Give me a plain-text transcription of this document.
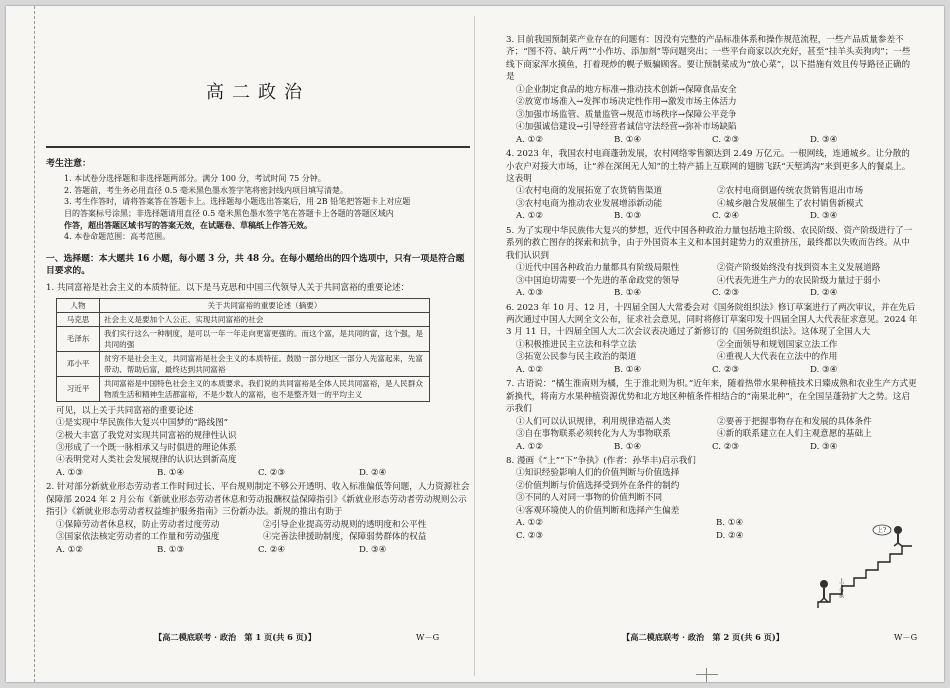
高二政治
考生注意：

1. 本试卷分选择题和非选择题两部分。满分 100 分，考试时间 75 分钟。

2. 答题前，考生务必用直径 0.5 毫米黑色墨水签字笔将密封线内项目填写清楚。

3. 考生作答时，请将答案答在答题卡上。选择题每小题选出答案后，用 2B 铅笔把答题卡上对应题

目的答案标号涂黑；非选择题请用直径 0.5 毫米黑色墨水签字笔在答题卡上各题的答题区域内

作答，超出答题区域书写的答案无效，在试题卷、草稿纸上作答无效。

4. 本卷命题范围：高考范围。

一、选择题：本大题共 16 小题，每小题 3 分，共 48 分。在每小题给出的四个选项中，只有一项是符合题目要求的。
1. 共同富裕是社会主义的本质特征。以下是马克思和中国三代领导人关于共同富裕的重要论述：
人物	关于共同富裕的重要论述（摘要）
马克思	社会主义是要加个人公正、实现共同富裕的社会
毛泽东	我们实行这么一种制度，是可以一年一年走向更富更强的。而这个富，是共同的富，这个强，是共同的强
邓小平	贫穷不是社会主义，共同富裕是社会主义的本质特征。鼓励一部分地区一部分人先富起来，先富带动、帮助后富，最终达到共同富裕
习近平	共同富裕是中国特色社会主义的本质要求。我们说的共同富裕是全体人民共同富裕，是人民群众物质生活和精神生活都富裕，不是少数人的富裕，也不是整齐划一的平均主义
可见，以上关于共同富裕的重要论述
①是实现中华民族伟大复兴中国梦的“路线图”
②极大丰富了我党对实现共同富裕的规律性认识
③形成了一个既一脉相承又与时俱进的理论体系
④表明党对人类社会发展规律的认识达到新高度
A. ①③	B. ①④	C. ②③	D. ②④
2. 针对部分新就业形态劳动者工作时间过长、平台规则制定不够公开透明、收入标准偏低等问题，人力资源社会保障部 2024 年 2 月公布《新就业形态劳动者休息和劳动报酬权益保障指引》《新就业形态劳动者劳动规则公示指引》《新就业形态劳动者权益维护服务指南》三份新办法。新规的推出有助于
①保障劳动者休息权，防止劳动者过度劳动	②引导企业提高劳动规则的透明度和公平性
③国家依法核定劳动者的工作量和劳动强度	④完善法律援助制度，保障弱势群体的权益
A. ①②	B. ①③	C. ②④	D. ③④
3. 目前我国预制菜产业存在的问题有：因没有完整的产品标准体系和操作规范流程，一些产品质量参差不齐；“图不符、缺斤两”“小作坊、添加剂”等问题突出；一些平台商家以次充好，甚至“挂羊头卖狗肉”；一些线下商家浑水摸鱼，打着现炒的幌子贩骗顾客。要让预制菜成为“放心菜”，以下措施有效且传导路径正确的是
①企业制定食品的地方标准→推动技术创新→保障食品安全
②放宽市场准入→发挥市场决定性作用→激发市场主体活力
③加强市场监管、质量监管→规范市场秩序→保障公平竞争
④加强诚信建设→引导经营者诚信守法经营→弥补市场缺陷
A. ①②	B. ①④	C. ②③	D. ③④
4. 2023 年，我国农村电商蓬勃发展，农村网络零售额达到 2.49 万亿元。一根网线，连通城乡。让分散的小农户对接大市场，让“养在深闺无人知”的土特产插上互联网的翅膀飞跃“天堑鸿沟”来到更多人的餐桌上。这表明
①农村电商的发展拓宽了农货销售渠道	②农村电商倒逼传统农货销售退出市场
③农村电商为推动农业发展增添新动能	④城乡融合发展催生了农村销售新模式
A. ①②	B. ①③	C. ②④	D. ③④
5. 为了实现中华民族伟大复兴的梦想，近代中国各种政治力量包括地主阶级、农民阶级、资产阶级进行了一系列的救亡图存的探索和抗争，由于外国资本主义和本国封建势力的双重挤压，最终都以失败而告终。从中我们认识到
①近代中国各种政治力量都具有阶级局限性	②资产阶级始终没有找到资本主义发展道路
③中国迫切需要一个先进的革命政党的领导	④代表先进生产力的农民阶级力量过于弱小
A. ①③	B. ①④	C. ②③	D. ②④
6. 2023 年 10 月、12 月，十四届全国人大常委会对《国务院组织法》修订草案进行了两次审议，并在先后两次通过中国人大网全文公布，征求社会意见，同时将修订草案印发十四届全国人大代表征求意见。2024 年 3 月 11 日，十四届全国人大二次会议表决通过了新修订的《国务院组织法》。这体现了全国人大
①积极推进民主立法和科学立法	②全面领导和规划国家立法工作
③拓宽公民参与民主政治的渠道	④重视人大代表在立法中的作用
A. ①②	B. ①④	C. ②③	D. ③④
7. 古语说：“橘生淮南则为橘，生于淮北则为枳。”近年来，随着热带水果种植技术日臻成熟和农业生产方式更新换代，将南方水果种植资源优势和北方地区种植条件相结合的“南果北种”，在全国呈蓬勃扩大之势。这启示我们
①人们可以认识规律，利用规律造福人类	②要善于把握事物存在和发展的具体条件
③自在事物联系必须转化为人为事物联系	④新的联系建立在人们主观意愿的基础上
A. ①②	B. ①④	C. ②③	D. ③④
8. 漫画《“上”“下”争执》(作者：孙华丰)启示我们
①知识经验影响人们的价值判断与价值选择
②价值判断与价值选择受到外在条件的制约
③不同的人对同一事物的价值判断不同
④客观环境使人的价值判断和选择产生偏差
A. ①②	B. ①④
C. ②③	D. ②④
上?
上下争执
【高二模底联考 · 政治　第 1 页(共 6 页)】	W－G	【高二模底联考 · 政治　第 2 页(共 6 页)】	W－G
